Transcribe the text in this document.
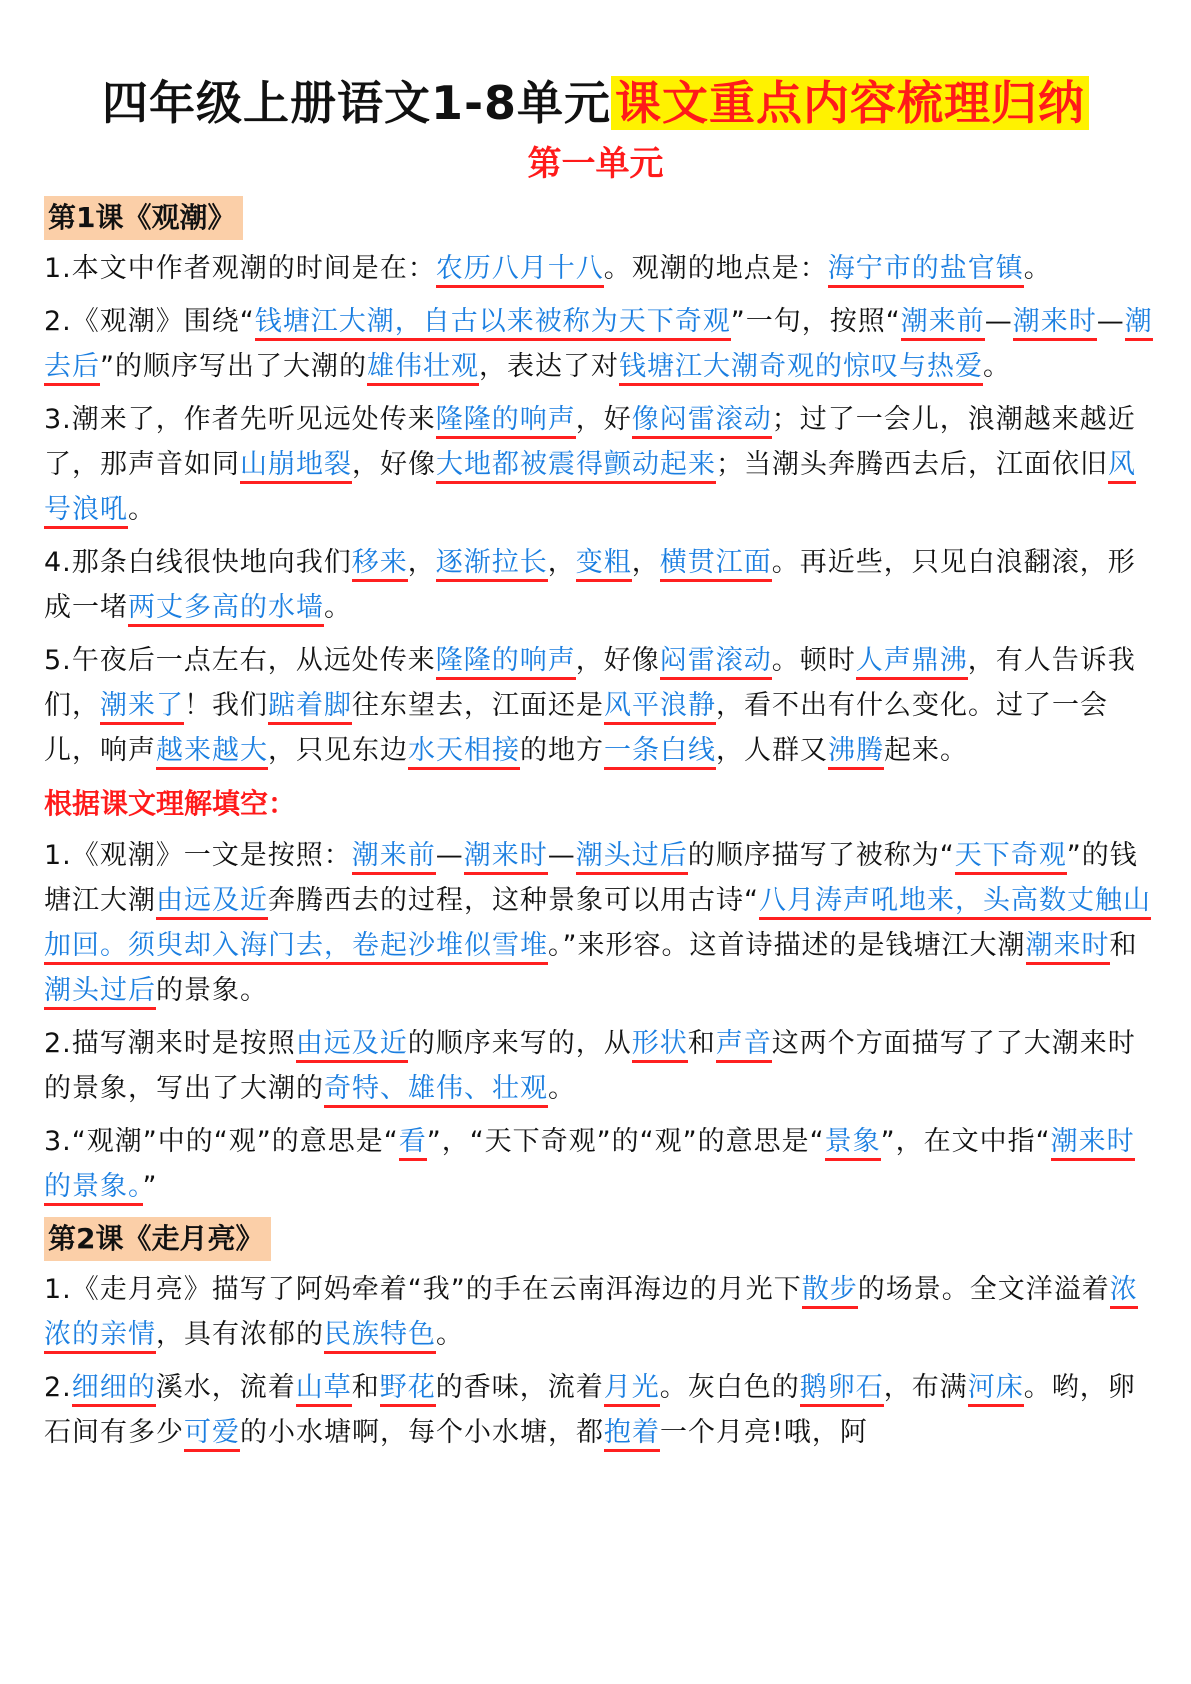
四年级上册语文1-8单元课文重点内容梳理归纳
第一单元
第1课《观潮》
1.本文中作者观潮的时间是在：农历八月十八。观潮的地点是：海宁市的盐官镇。
2.《观潮》围绕“钱塘江大潮，自古以来被称为天下奇观”一句，按照“潮来前—潮来时—潮去后”的顺序写出了大潮的雄伟壮观，表达了对钱塘江大潮奇观的惊叹与热爱。
3.潮来了，作者先听见远处传来隆隆的响声，好像闷雷滚动；过了一会儿，浪潮越来越近了，那声音如同山崩地裂，好像大地都被震得颤动起来；当潮头奔腾西去后，江面依旧风号浪吼。
4.那条白线很快地向我们移来，逐渐拉长，变粗，横贯江面。再近些，只见白浪翻滚，形成一堵两丈多高的水墙。
5.午夜后一点左右，从远处传来隆隆的响声，好像闷雷滚动。顿时人声鼎沸，有人告诉我们，潮来了！我们踮着脚往东望去，江面还是风平浪静，看不出有什么变化。过了一会儿，响声越来越大，只见东边水天相接的地方一条白线，人群又沸腾起来。
根据课文理解填空：
1.《观潮》一文是按照：潮来前—潮来时—潮头过后的顺序描写了被称为“天下奇观”的钱塘江大潮由远及近奔腾西去的过程，这种景象可以用古诗“八月涛声吼地来，头高数丈触山加回。须臾却入海门去，卷起沙堆似雪堆。”来形容。这首诗描述的是钱塘江大潮潮来时和潮头过后的景象。
2.描写潮来时是按照由远及近的顺序来写的，从形状和声音这两个方面描写了了大潮来时的景象，写出了大潮的奇特、雄伟、壮观。
3.“观潮”中的“观”的意思是“看”，“天下奇观”的“观”的意思是“景象”，在文中指“潮来时的景象。”
第2课《走月亮》
1.《走月亮》描写了阿妈牵着“我”的手在云南洱海边的月光下散步的场景。全文洋溢着浓浓的亲情，具有浓郁的民族特色。
2.细细的溪水，流着山草和野花的香味，流着月光。灰白色的鹅卵石，布满河床。哟，卵石间有多少可爱的小水塘啊，每个小水塘，都抱着一个月亮!哦，阿
